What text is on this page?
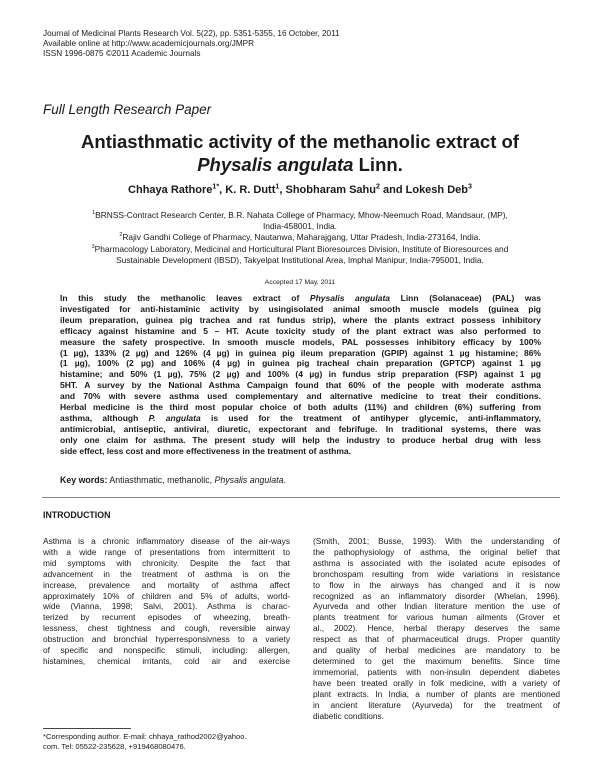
Journal of Medicinal Plants Research Vol. 5(22), pp. 5351-5355, 16 October, 2011
Available online at http://www.academicjournals.org/JMPR
ISSN 1996-0875 ©2011 Academic Journals
Full Length Research Paper
Antiasthmatic activity of the methanolic extract of
Physalis angulata Linn.
Chhaya Rathore$^{1*}$, K. R. Dutt$^1$, Shobharam Sahu$^2$ and Lokesh Deb$^3$
$^1$BRNSS-Contract Research Center, B.R. Nahata College of Pharmacy, Mhow-Neemuch Road, Mandsaur, (MP),
India-458001, India.
$^2$Rajiv Gandhi College of Pharmacy, Nautanwa, Maharajgang, Uttar Pradesh, India-273164, India.
$^3$Pharmacology Laboratory, Medicinal and Horticultural Plant Bioresources Division, Institute of Bioresources and
Sustainable Development (IBSD), Takyelpat Institutional Area, Imphal Manipur, India-795001, India.
Accepted 17 May, 2011
In this study the methanolic leaves extract of Physalis angulata Linn (Solanaceae) (PAL) was
investigated for anti-histaminic activity by usingisolated animal smooth muscle models (guinea pig
ileum preparation, guinea pig trachea and rat fundus strip), where the plants extract possess inhibitory
efficacy against histamine and 5 – HT. Acute toxicity study of the plant extract was also performed to
measure the safety prospective. In smooth muscle models, PAL possesses inhibitory efficacy by 100%
(1 µg), 133% (2 µg) and 126% (4 µg) in guinea pig ileum preparation (GPIP) against 1 µg histamine; 86%
(1 µg), 100% (2 µg) and 106% (4 µg) in guinea pig tracheal chain preparation (GPTCP) against 1 µg
histamine; and 50% (1 µg), 75% (2 µg) and 100% (4 µg) in fundus strip preparation (FSP) against 1 µg
5HT. A survey by the National Asthma Campaign found that 60% of the people with moderate asthma
and 70% with severe asthma used complementary and alternative medicine to treat their conditions.
Herbal medicine is the third most popular choice of both adults (11%) and children (6%) suffering from
asthma, although P. angulata is used for the treatment of antihyper glycemic, anti-inflammatory,
antimicrobial, antiseptic, antiviral, diuretic, expectorant and febrifuge. In traditional systems, there was
only one claim for asthma. The present study will help the industry to produce herbal drug with less
side effect, less cost and more effectiveness in the treatment of asthma.
Key words: Antiasthmatic, methanolic, Physalis angulata.
INTRODUCTION
Asthma is a chronic inflammatory disease of the air-ways
with a wide range of presentations from intermittent to
mid symptoms with chronicity. Despite the fact that
advancement in the treatment of asthma is on the
increase, prevalence and mortality of asthma affect
approximately 10% of children and 5% of adults, world-
wide (Vianna, 1998; Salvi, 2001). Asthma is charac-
terized by recurrent episodes of wheezing, breath-
lessness, chest tightness and cough, reversible airway
obstruction and bronchial hyperresponsivness to a variety
of specific and nonspecific stimuli, including: allergen,
histamines, chemical irritants, cold air and exercise
(Smith, 2001; Busse, 1993). With the understanding of
the pathophysiology of asthma, the original belief that
asthma is associated with the isolated acute episodes of
bronchospam resulting from wide variations in resistance
to flow in the airways has changed and it is now
recognized as an inflammatory disorder (Whelan, 1996).
Ayurveda and other Indian literature mention the use of
plants treatment for various human ailments (Grover et
al., 2002). Hence, herbal therapy deserves the same
respect as that of pharmaceutical drugs. Proper quantity
and quality of herbal medicines are mandatory to be
determined to get the maximum benefits. Since time
immemorial, patients with non-insulin dependent diabetes
have been treated orally in folk medicine, with a variety of
plant extracts. In India, a number of plants are mentioned
in ancient literature (Ayurveda) for the treatment of
diabetic conditions.
*Corresponding author. E-mail: chhaya_rathod2002@yahoo.
com. Tel: 05522-235628, +919468080476.
